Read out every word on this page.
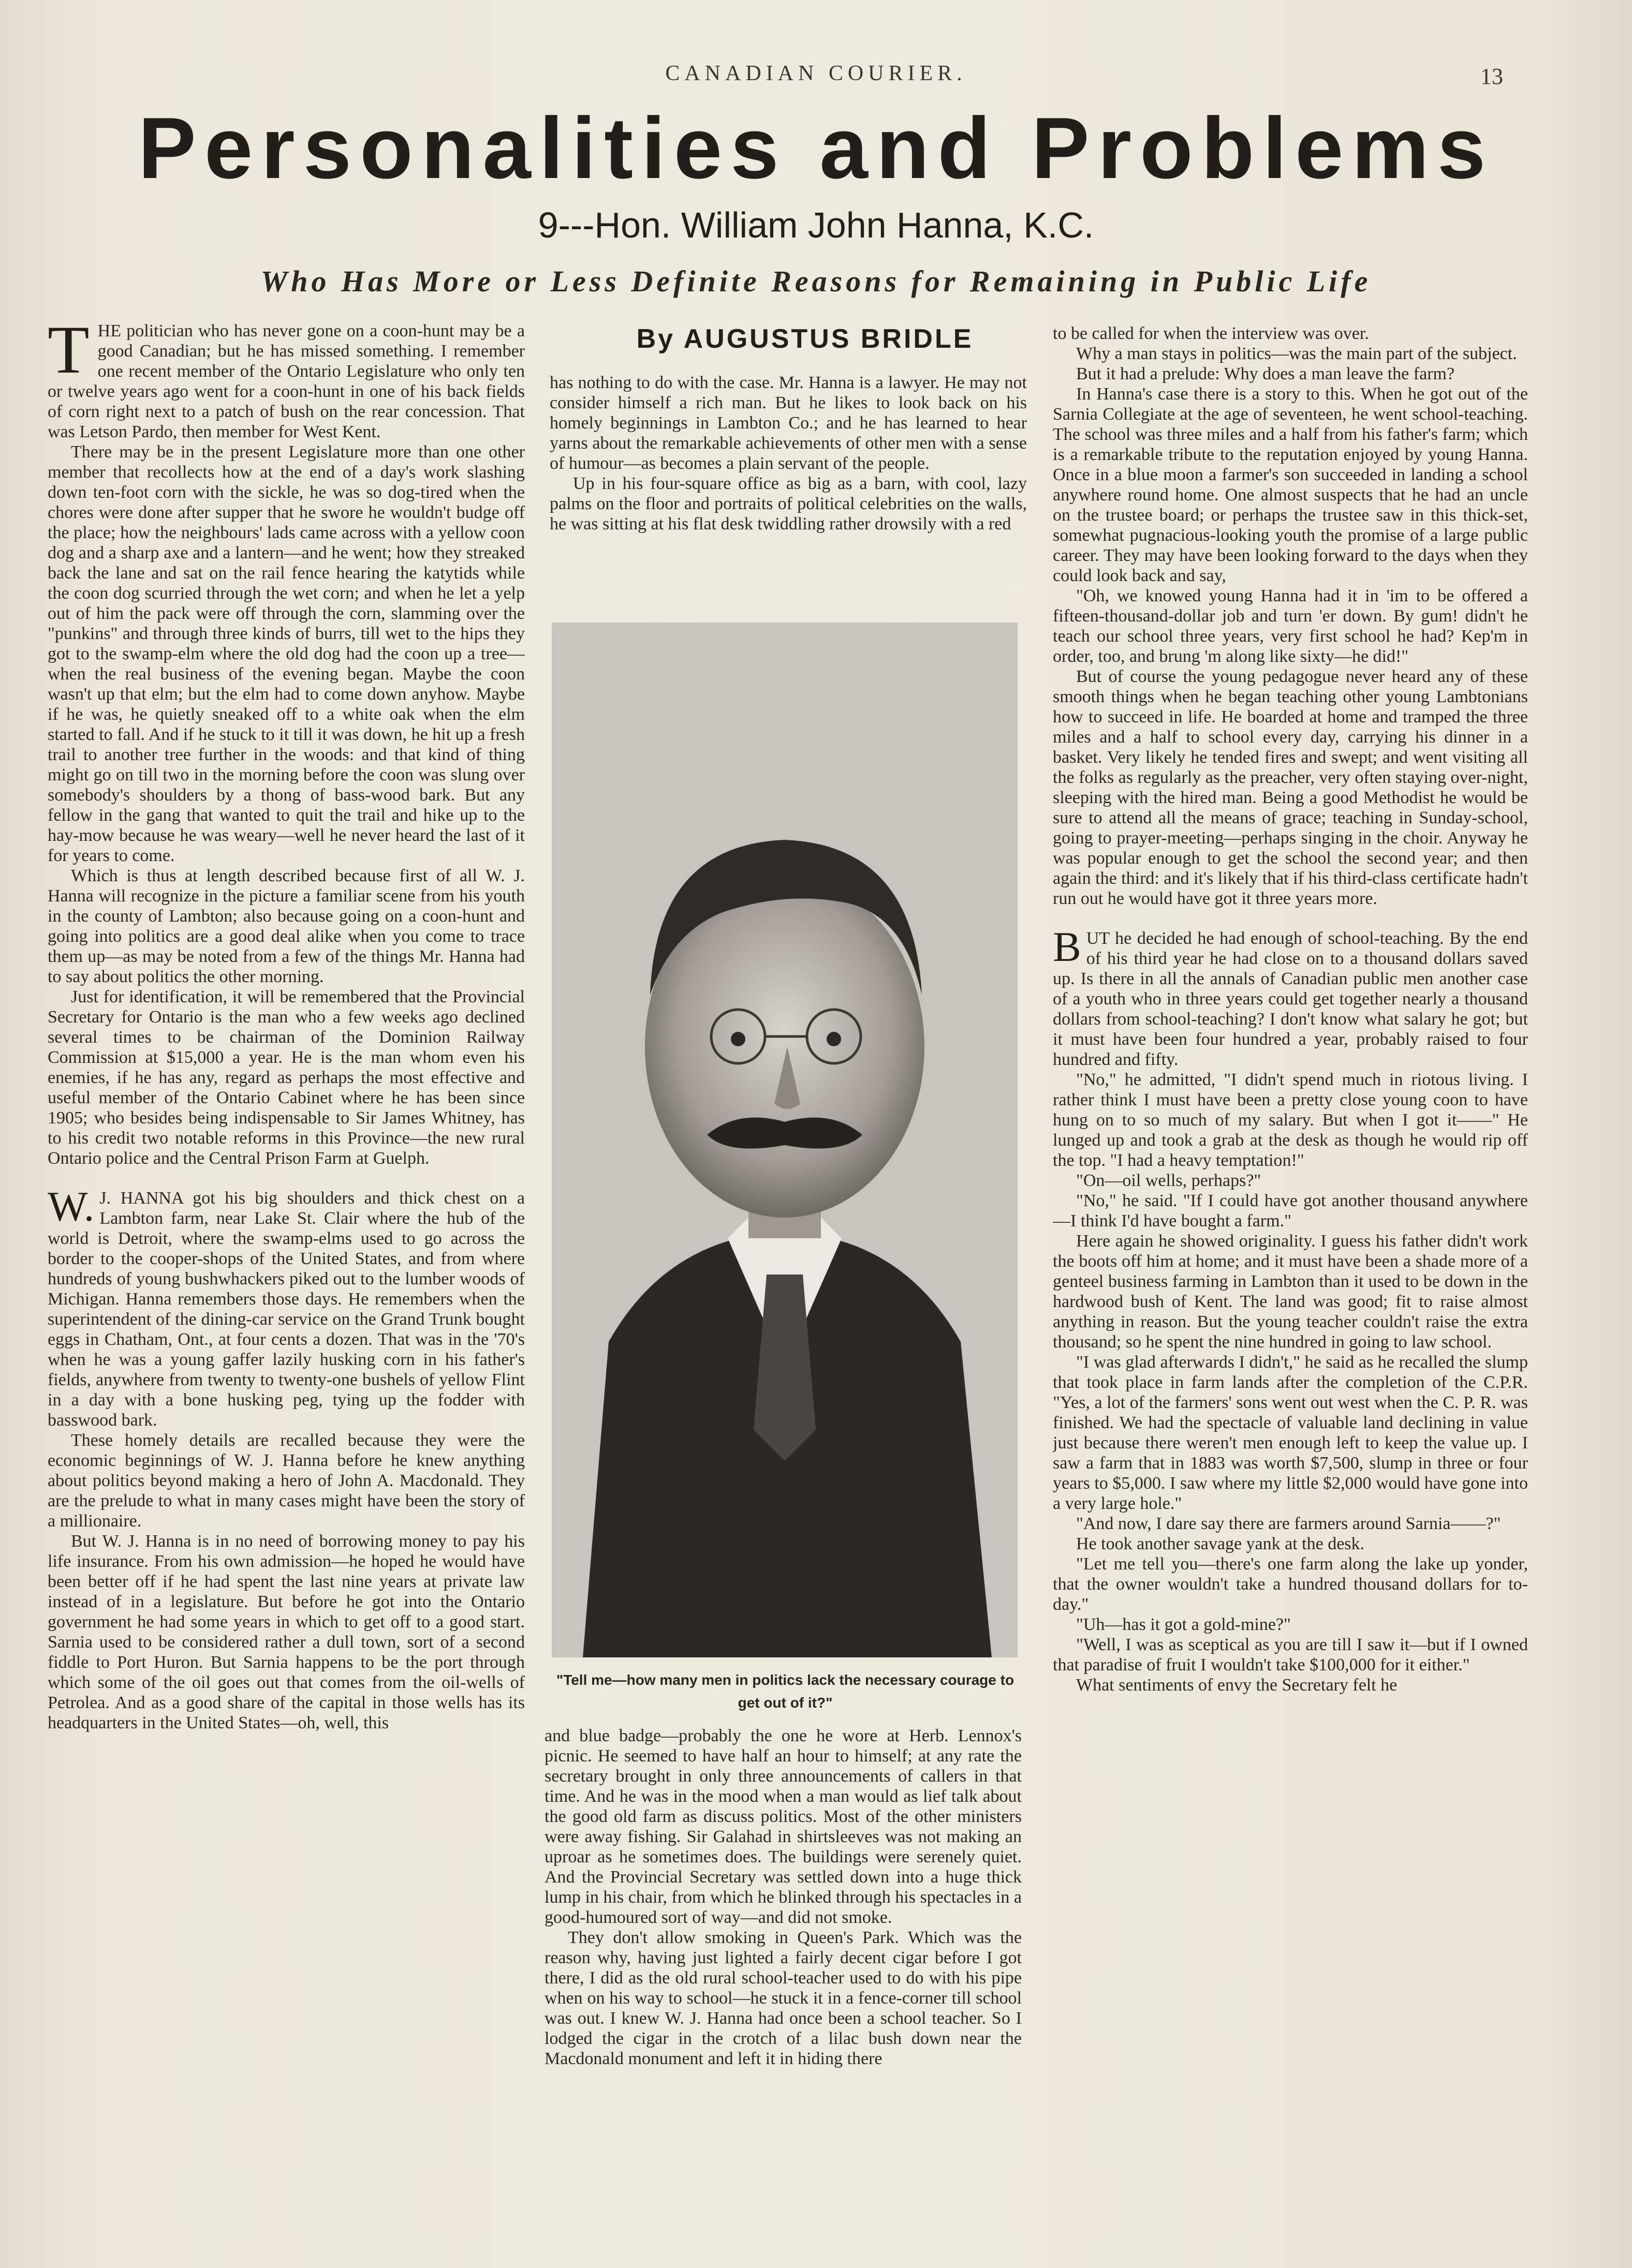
CANADIAN COURIER.	13
Personalities and Problems
9---Hon. William John Hanna, K.C.
Who Has More or Less Definite Reasons for Remaining in Public Life
By AUGUSTUS BRIDLE

THE politician who has never gone on a coon-hunt may be a good Canadian; but he has missed something. I remember one recent member of the Ontario Legislature who only ten or twelve years ago went for a coon-hunt in one of his back fields of corn right next to a patch of bush on the rear concession. That was Letson Pardo, then member for West Kent.

There may be in the present Legislature more than one other member that recollects how at the end of a day's work slashing down ten-foot corn with the sickle, he was so dog-tired when the chores were done after supper that he swore he wouldn't budge off the place; how the neighbours' lads came across with a yellow coon dog and a sharp axe and a lantern—and he went; how they streaked back the lane and sat on the rail fence hearing the katytids while the coon dog scurried through the wet corn; and when he let a yelp out of him the pack were off through the corn, slamming over the "punkins" and through three kinds of burrs, till wet to the hips they got to the swamp-elm where the old dog had the coon up a tree—when the real business of the evening began. Maybe the coon wasn't up that elm; but the elm had to come down anyhow. Maybe if he was, he quietly sneaked off to a white oak when the elm started to fall. And if he stuck to it till it was down, he hit up a fresh trail to another tree further in the woods: and that kind of thing might go on till two in the morning before the coon was slung over somebody's shoulders by a thong of bass-wood bark. But any fellow in the gang that wanted to quit the trail and hike up to the hay-mow because he was weary—well he never heard the last of it for years to come.

Which is thus at length described because first of all W. J. Hanna will recognize in the picture a familiar scene from his youth in the county of Lambton; also because going on a coon-hunt and going into politics are a good deal alike when you come to trace them up—as may be noted from a few of the things Mr. Hanna had to say about politics the other morning.

Just for identification, it will be remembered that the Provincial Secretary for Ontario is the man who a few weeks ago declined several times to be chairman of the Dominion Railway Commission at $15,000 a year. He is the man whom even his enemies, if he has any, regard as perhaps the most effective and useful member of the Ontario Cabinet where he has been since 1905; who besides being indispensable to Sir James Whitney, has to his credit two notable reforms in this Province—the new rural Ontario police and the Central Prison Farm at Guelph.

W. J. HANNA got his big shoulders and thick chest on a Lambton farm, near Lake St. Clair where the hub of the world is Detroit, where the swamp-elms used to go across the border to the cooper-shops of the United States, and from where hundreds of young bushwhackers piked out to the lumber woods of Michigan. Hanna remembers those days. He remembers when the superintendent of the dining-car service on the Grand Trunk bought eggs in Chatham, Ont., at four cents a dozen. That was in the '70's when he was a young gaffer lazily husking corn in his father's fields, anywhere from twenty to twenty-one bushels of yellow Flint in a day with a bone husking peg, tying up the fodder with basswood bark.

These homely details are recalled because they were the economic beginnings of W. J. Hanna before he knew anything about politics beyond making a hero of John A. Macdonald. They are the prelude to what in many cases might have been the story of a millionaire.

But W. J. Hanna is in no need of borrowing money to pay his life insurance. From his own admission—he hoped he would have been better off if he had spent the last nine years at private law instead of in a legislature. But before he got into the Ontario government he had some years in which to get off to a good start. Sarnia used to be considered rather a dull town, sort of a second fiddle to Port Huron. But Sarnia happens to be the port through which some of the oil goes out that comes from the oil-wells of Petrolea. And as a good share of the capital in those wells has its headquarters in the United States—oh, well, this

has nothing to do with the case. Mr. Hanna is a lawyer. He may not consider himself a rich man. But he likes to look back on his homely beginnings in Lambton Co.; and he has learned to hear yarns about the remarkable achievements of other men with a sense of humour—as becomes a plain servant of the people.

Up in his four-square office as big as a barn, with cool, lazy palms on the floor and portraits of political celebrities on the walls, he was sitting at his flat desk twiddling rather drowsily with a red

"Tell me—how many men in politics lack the necessary courage to get out of it?"

and blue badge—probably the one he wore at Herb. Lennox's picnic. He seemed to have half an hour to himself; at any rate the secretary brought in only three announcements of callers in that time. And he was in the mood when a man would as lief talk about the good old farm as discuss politics. Most of the other ministers were away fishing. Sir Galahad in shirtsleeves was not making an uproar as he sometimes does. The buildings were serenely quiet. And the Provincial Secretary was settled down into a huge thick lump in his chair, from which he blinked through his spectacles in a good-humoured sort of way—and did not smoke.

They don't allow smoking in Queen's Park. Which was the reason why, having just lighted a fairly decent cigar before I got there, I did as the old rural school-teacher used to do with his pipe when on his way to school—he stuck it in a fence-corner till school was out. I knew W. J. Hanna had once been a school teacher. So I lodged the cigar in the crotch of a lilac bush down near the Macdonald monument and left it in hiding there

to be called for when the interview was over.

Why a man stays in politics—was the main part of the subject.

But it had a prelude: Why does a man leave the farm?

In Hanna's case there is a story to this. When he got out of the Sarnia Collegiate at the age of seventeen, he went school-teaching. The school was three miles and a half from his father's farm; which is a remarkable tribute to the reputation enjoyed by young Hanna. Once in a blue moon a farmer's son succeeded in landing a school anywhere round home. One almost suspects that he had an uncle on the trustee board; or perhaps the trustee saw in this thick-set, somewhat pugnacious-looking youth the promise of a large public career. They may have been looking forward to the days when they could look back and say,

"Oh, we knowed young Hanna had it in 'im to be offered a fifteen-thousand-dollar job and turn 'er down. By gum! didn't he teach our school three years, very first school he had? Kep'm in order, too, and brung 'm along like sixty—he did!"

But of course the young pedagogue never heard any of these smooth things when he began teaching other young Lambtonians how to succeed in life. He boarded at home and tramped the three miles and a half to school every day, carrying his dinner in a basket. Very likely he tended fires and swept; and went visiting all the folks as regularly as the preacher, very often staying over-night, sleeping with the hired man. Being a good Methodist he would be sure to attend all the means of grace; teaching in Sunday-school, going to prayer-meeting—perhaps singing in the choir. Anyway he was popular enough to get the school the second year; and then again the third: and it's likely that if his third-class certificate hadn't run out he would have got it three years more.

BUT he decided he had enough of school-teaching. By the end of his third year he had close on to a thousand dollars saved up. Is there in all the annals of Canadian public men another case of a youth who in three years could get together nearly a thousand dollars from school-teaching? I don't know what salary he got; but it must have been four hundred a year, probably raised to four hundred and fifty.

"No," he admitted, "I didn't spend much in riotous living. I rather think I must have been a pretty close young coon to have hung on to so much of my salary. But when I got it——" He lunged up and took a grab at the desk as though he would rip off the top. "I had a heavy temptation!"

"On—oil wells, perhaps?"

"No," he said. "If I could have got another thousand anywhere—I think I'd have bought a farm."

Here again he showed originality. I guess his father didn't work the boots off him at home; and it must have been a shade more of a genteel business farming in Lambton than it used to be down in the hardwood bush of Kent. The land was good; fit to raise almost anything in reason. But the young teacher couldn't raise the extra thousand; so he spent the nine hundred in going to law school.

"I was glad afterwards I didn't," he said as he recalled the slump that took place in farm lands after the completion of the C.P.R. "Yes, a lot of the farmers' sons went out west when the C. P. R. was finished. We had the spectacle of valuable land declining in value just because there weren't men enough left to keep the value up. I saw a farm that in 1883 was worth $7,500, slump in three or four years to $5,000. I saw where my little $2,000 would have gone into a very large hole."

"And now, I dare say there are farmers around Sarnia——?"

He took another savage yank at the desk.

"Let me tell you—there's one farm along the lake up yonder, that the owner wouldn't take a hundred thousand dollars for to-day."

"Uh—has it got a gold-mine?"

"Well, I was as sceptical as you are till I saw it—but if I owned that paradise of fruit I wouldn't take $100,000 for it either."

What sentiments of envy the Secretary felt he
